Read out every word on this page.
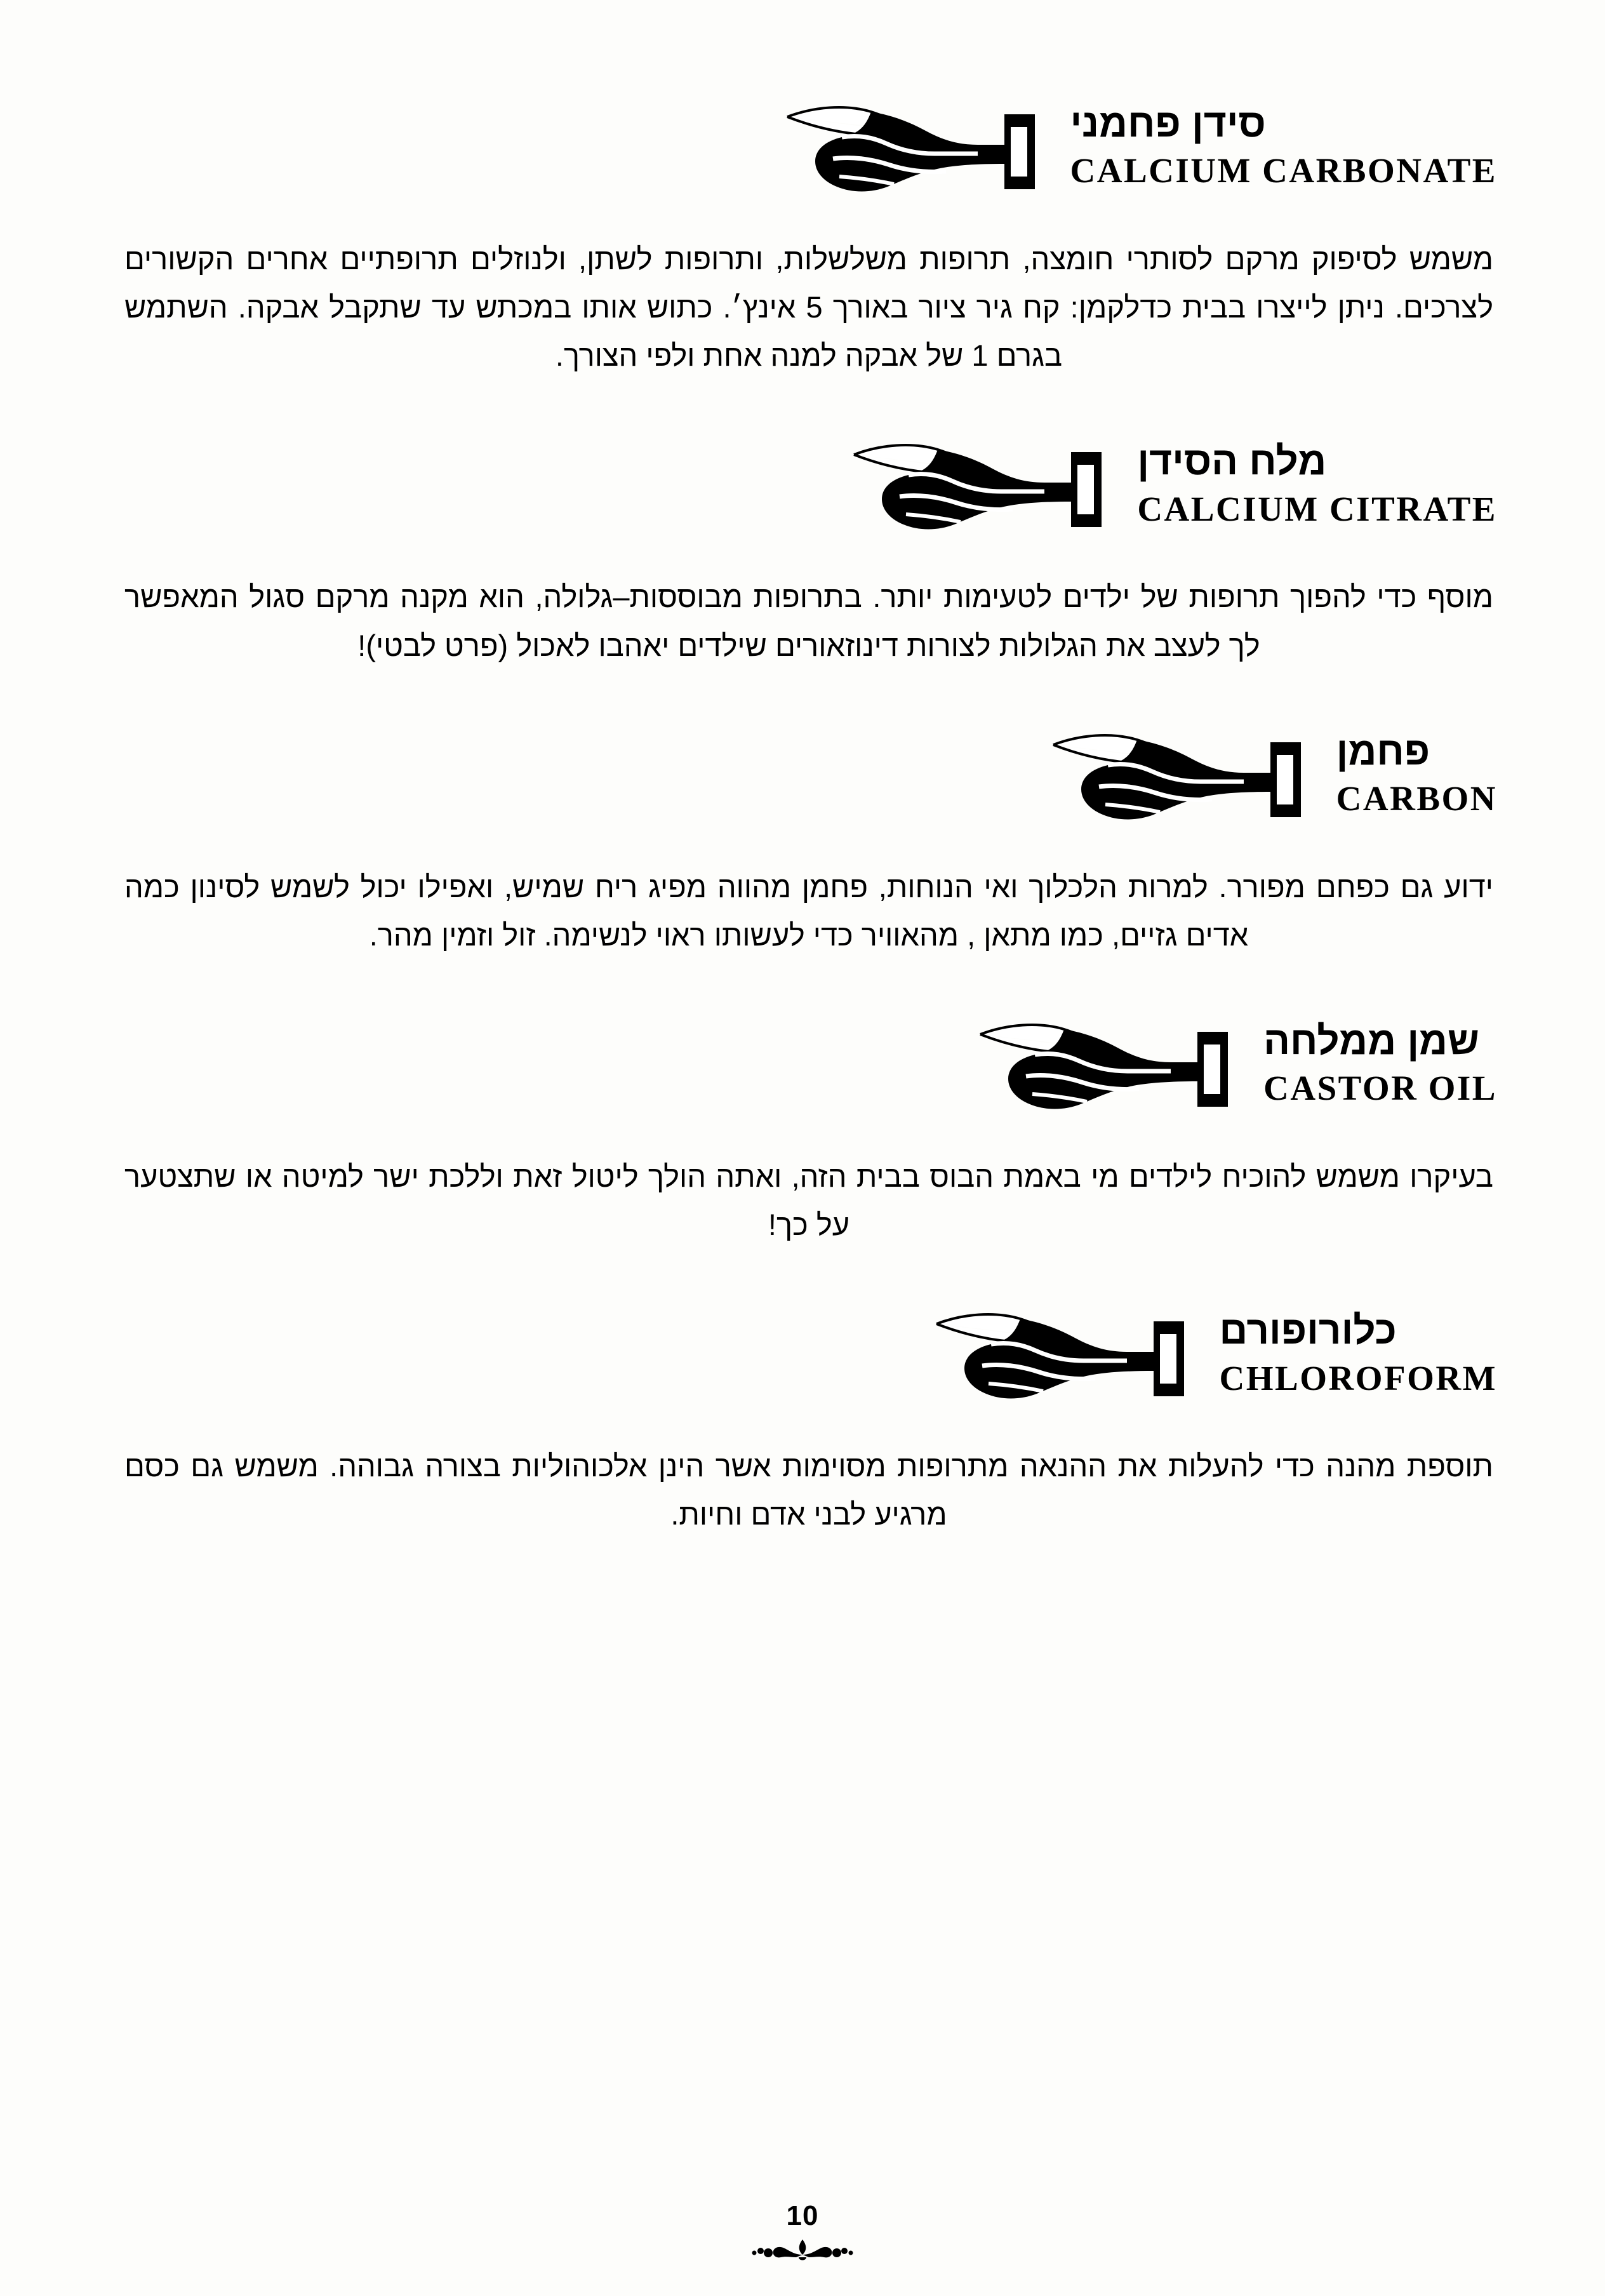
סידן פחמני
CALCIUM CARBONATE
משמש לסיפוק מרקם לסותרי חומצה, תרופות משלשלות, ותרופות לשתן, ולנוזלים תרופתיים אחרים הקשורים לצרכים. ניתן לייצרו בבית כדלקמן: קח גיר ציור באורך 5 אינץ׳. כתוש אותו במכתש עד שתקבל אבקה. השתמש בגרם 1 של אבקה למנה אחת ולפי הצורך.
מלח הסידן
CALCIUM CITRATE
מוסף כדי להפוך תרופות של ילדים לטעימות יותר. בתרופות מבוססות–גלולה, הוא מקנה מרקם סגול המאפשר לך לעצב את הגלולות לצורות דינוזאורים שילדים יאהבו לאכול (פרט לבטי)!
פחמן
CARBON
ידוע גם כפחם מפורר. למרות הלכלוך ואי הנוחות, פחמן מהווה מפיג ריח שמיש, ואפילו יכול לשמש לסינון כמה אדים גזיים, כמו מתאן , מהאוויר כדי לעשותו ראוי לנשימה. זול וזמין מהר.
שמן ממלחה
CASTOR OIL
בעיקרו משמש להוכיח לילדים מי באמת הבוס בבית הזה, ואתה הולך ליטול זאת וללכת ישר למיטה או שתצטער על כך!
כלורופורם
CHLOROFORM
תוספת מהנה כדי להעלות את ההנאה מתרופות מסוימות אשר הינן אלכוהוליות בצורה גבוהה. משמש גם כסם מרגיע לבני אדם וחיות.
10
